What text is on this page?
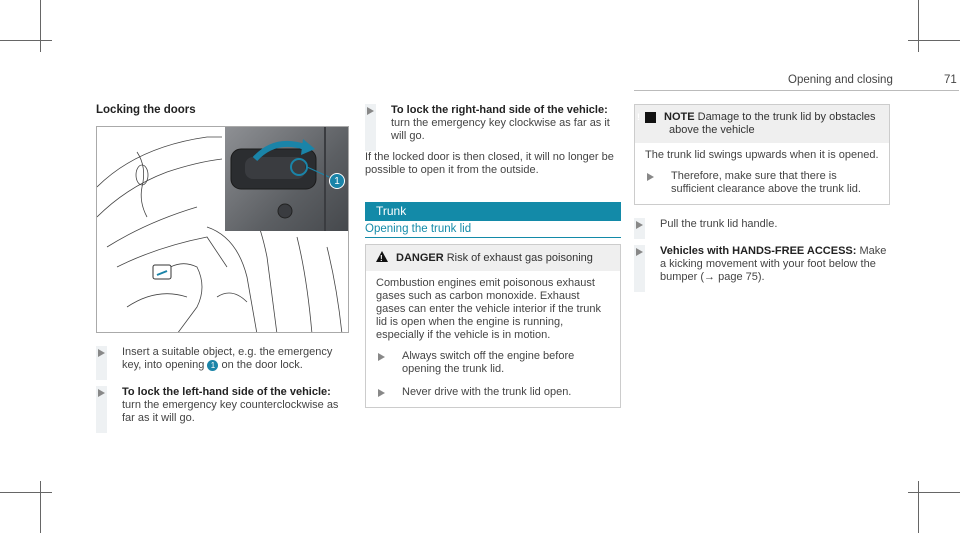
Opening and closing	71
Locking the doors
1
Insert a suitable object, e.g. the emergency key, into opening 1 on the door lock.
To lock the left-hand side of the vehicle: turn the emergency key counterclockwise as far as it will go.
To lock the right-hand side of the vehicle: turn the emergency key clockwise as far as it will go.
If the locked door is then closed, it will no longer be possible to open it from the outside.
Trunk
Opening the trunk lid
!DANGER Risk of exhaust gas poisoning
Combustion engines emit poisonous exhaust gases such as carbon monoxide. Exhaust gases can enter the vehicle interior if the trunk lid is open when the engine is running, especially if the vehicle is in motion.
Always switch off the engine before opening the trunk lid.
Never drive with the trunk lid open.
! NOTE Damage to the trunk lid by obstacles above the vehicle
The trunk lid swings upwards when it is opened.
Therefore, make sure that there is sufficient clearance above the trunk lid.
Pull the trunk lid handle.
Vehicles with HANDS-FREE ACCESS: Make a kicking movement with your foot below the bumper (→ page 75).
